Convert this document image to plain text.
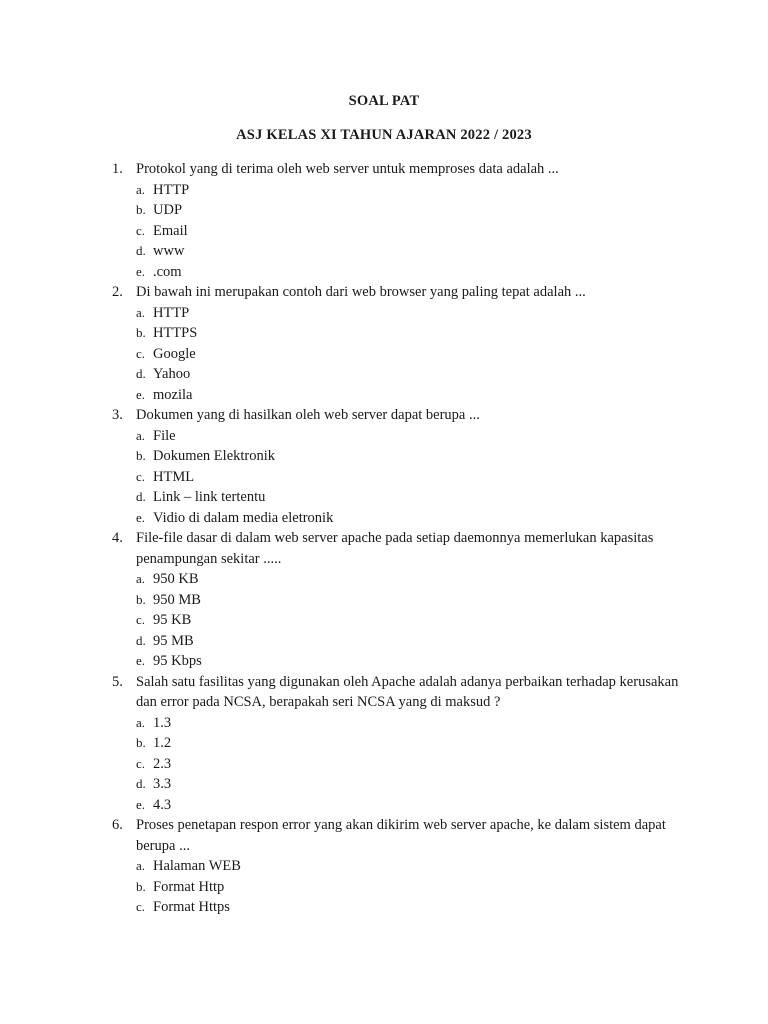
SOAL PAT
ASJ KELAS XI TAHUN AJARAN 2022 / 2023
1. Protokol yang di terima oleh web server untuk memproses data adalah ...
a. HTTP
b. UDP
c. Email
d. www
e. .com
2. Di bawah ini merupakan contoh dari web browser yang paling tepat adalah ...
a. HTTP
b. HTTPS
c. Google
d. Yahoo
e. mozila
3. Dokumen yang di hasilkan oleh web server dapat berupa ...
a. File
b. Dokumen Elektronik
c. HTML
d. Link – link tertentu
e. Vidio di dalam media eletronik
4. File-file dasar di dalam web server apache pada setiap daemonnya memerlukan kapasitas penampungan sekitar .....
a. 950 KB
b. 950 MB
c. 95 KB
d. 95 MB
e. 95 Kbps
5. Salah satu fasilitas yang digunakan oleh Apache adalah adanya perbaikan terhadap kerusakan dan error pada NCSA, berapakah seri NCSA yang di maksud ?
a. 1.3
b. 1.2
c. 2.3
d. 3.3
e. 4.3
6. Proses penetapan respon error yang akan dikirim web server apache, ke dalam sistem dapat berupa ...
a. Halaman WEB
b. Format Http
c. Format Https
